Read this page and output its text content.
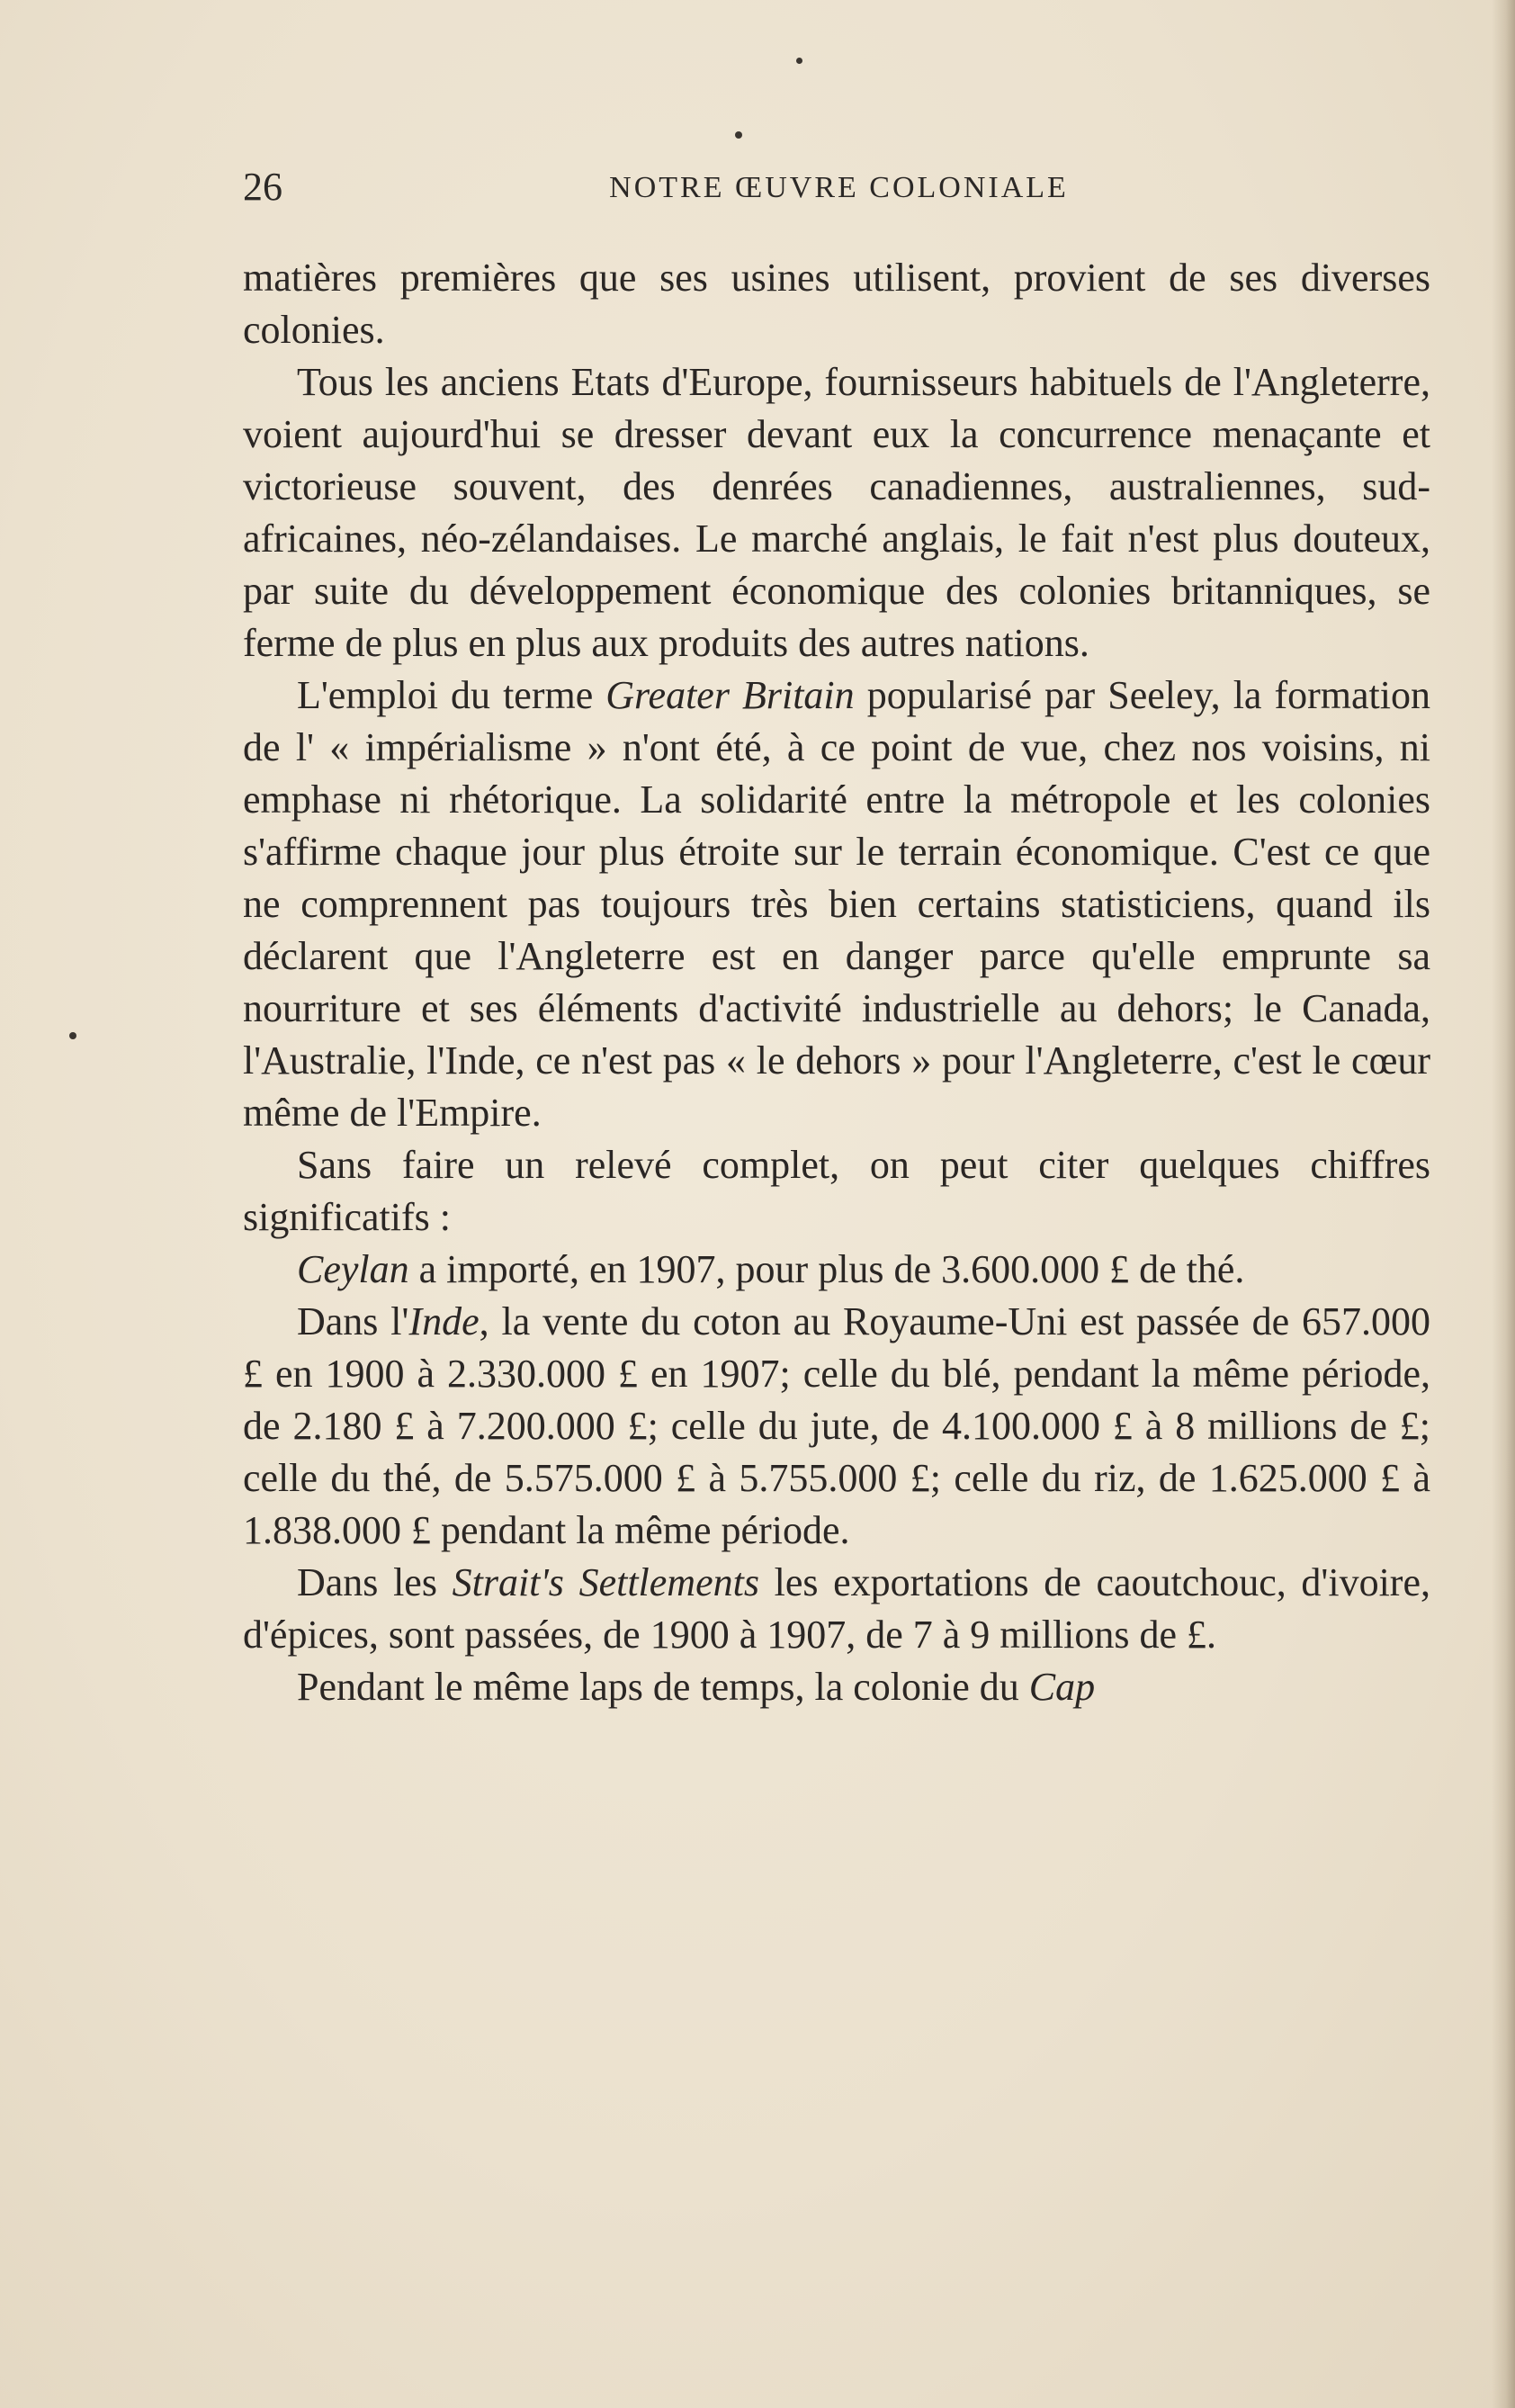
26	NOTRE ŒUVRE COLONIALE

matières premières que ses usines utilisent, provient de ses diverses colonies.

Tous les anciens Etats d'Europe, fournisseurs habituels de l'Angleterre, voient aujourd'hui se dresser devant eux la concurrence menaçante et victorieuse souvent, des denrées canadiennes, australiennes, sud-africaines, néo-zélandaises. Le marché anglais, le fait n'est plus douteux, par suite du développement économique des colonies britanniques, se ferme de plus en plus aux produits des autres nations.

L'emploi du terme Greater Britain popularisé par Seeley, la formation de l' « impérialisme » n'ont été, à ce point de vue, chez nos voisins, ni emphase ni rhétorique. La solidarité entre la métropole et les colonies s'affirme chaque jour plus étroite sur le terrain économique. C'est ce que ne comprennent pas toujours très bien certains statisticiens, quand ils déclarent que l'Angleterre est en danger parce qu'elle emprunte sa nourriture et ses éléments d'activité industrielle au dehors; le Canada, l'Australie, l'Inde, ce n'est pas « le dehors » pour l'Angleterre, c'est le cœur même de l'Empire.

Sans faire un relevé complet, on peut citer quelques chiffres significatifs :

Ceylan a importé, en 1907, pour plus de 3.600.000 £ de thé.

Dans l'Inde, la vente du coton au Royaume-Uni est passée de 657.000 £ en 1900 à 2.330.000 £ en 1907; celle du blé, pendant la même période, de 2.180 £ à 7.200.000 £; celle du jute, de 4.100.000 £ à 8 millions de £; celle du thé, de 5.575.000 £ à 5.755.000 £; celle du riz, de 1.625.000 £ à 1.838.000 £ pendant la même période.

Dans les Strait's Settlements les exportations de caoutchouc, d'ivoire, d'épices, sont passées, de 1900 à 1907, de 7 à 9 millions de £.

Pendant le même laps de temps, la colonie du Cap
